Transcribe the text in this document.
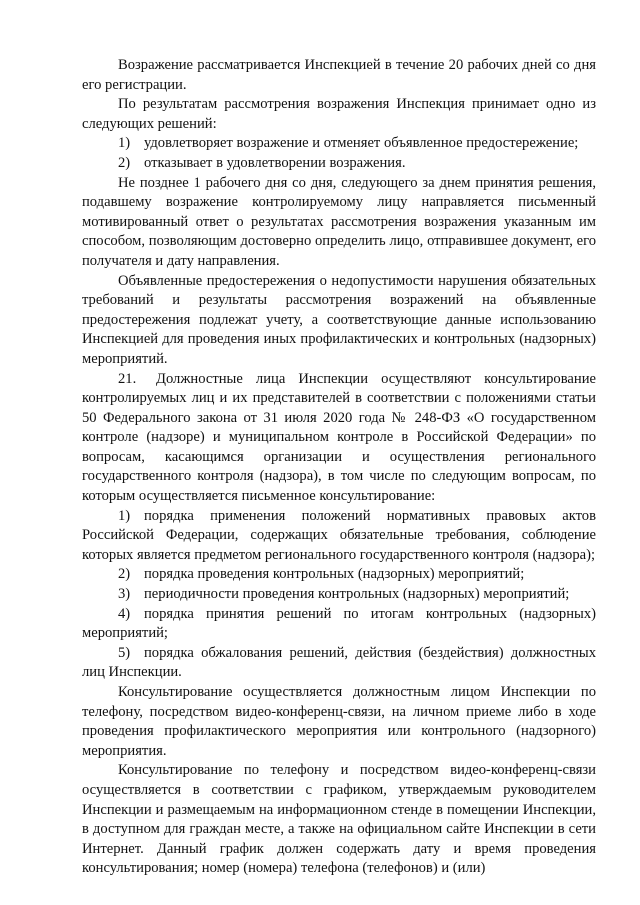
Возражение рассматривается Инспекцией в течение 20 рабочих дней со дня его регистрации.

По результатам рассмотрения возражения Инспекция принимает одно из следующих решений:

1) удовлетворяет возражение и отменяет объявленное предостережение;

2) отказывает в удовлетворении возражения.

Не позднее 1 рабочего дня со дня, следующего за днем принятия решения, подавшему возражение контролируемому лицу направляется письменный мотивированный ответ о результатах рассмотрения возражения указанным им способом, позволяющим достоверно определить лицо, отправившее документ, его получателя и дату направления.

Объявленные предостережения о недопустимости нарушения обязательных требований и результаты рассмотрения возражений на объявленные предостережения подлежат учету, а соответствующие данные использованию Инспекцией для проведения иных профилактических и контрольных (надзорных) мероприятий.

21. Должностные лица Инспекции осуществляют консультирование контролируемых лиц и их представителей в соответствии с положениями статьи 50 Федерального закона от 31 июля 2020 года № 248-ФЗ «О государственном контроле (надзоре) и муниципальном контроле в Российской Федерации» по вопросам, касающимся организации и осуществления регионального государственного контроля (надзора), в том числе по следующим вопросам, по которым осуществляется письменное консультирование:

1) порядка применения положений нормативных правовых актов Российской Федерации, содержащих обязательные требования, соблюдение которых является предметом регионального государственного контроля (надзора);

2) порядка проведения контрольных (надзорных) мероприятий;

3) периодичности проведения контрольных (надзорных) мероприятий;

4) порядка принятия решений по итогам контрольных (надзорных) мероприятий;

5) порядка обжалования решений, действия (бездействия) должностных лиц Инспекции.

Консультирование осуществляется должностным лицом Инспекции по телефону, посредством видео-конференц-связи, на личном приеме либо в ходе проведения профилактического мероприятия или контрольного (надзорного) мероприятия.

Консультирование по телефону и посредством видео-конференц-связи осуществляется в соответствии с графиком, утверждаемым руководителем Инспекции и размещаемым на информационном стенде в помещении Инспекции, в доступном для граждан месте, а также на официальном сайте Инспекции в сети Интернет. Данный график должен содержать дату и время проведения консультирования; номер (номера) телефона (телефонов) и (или)
